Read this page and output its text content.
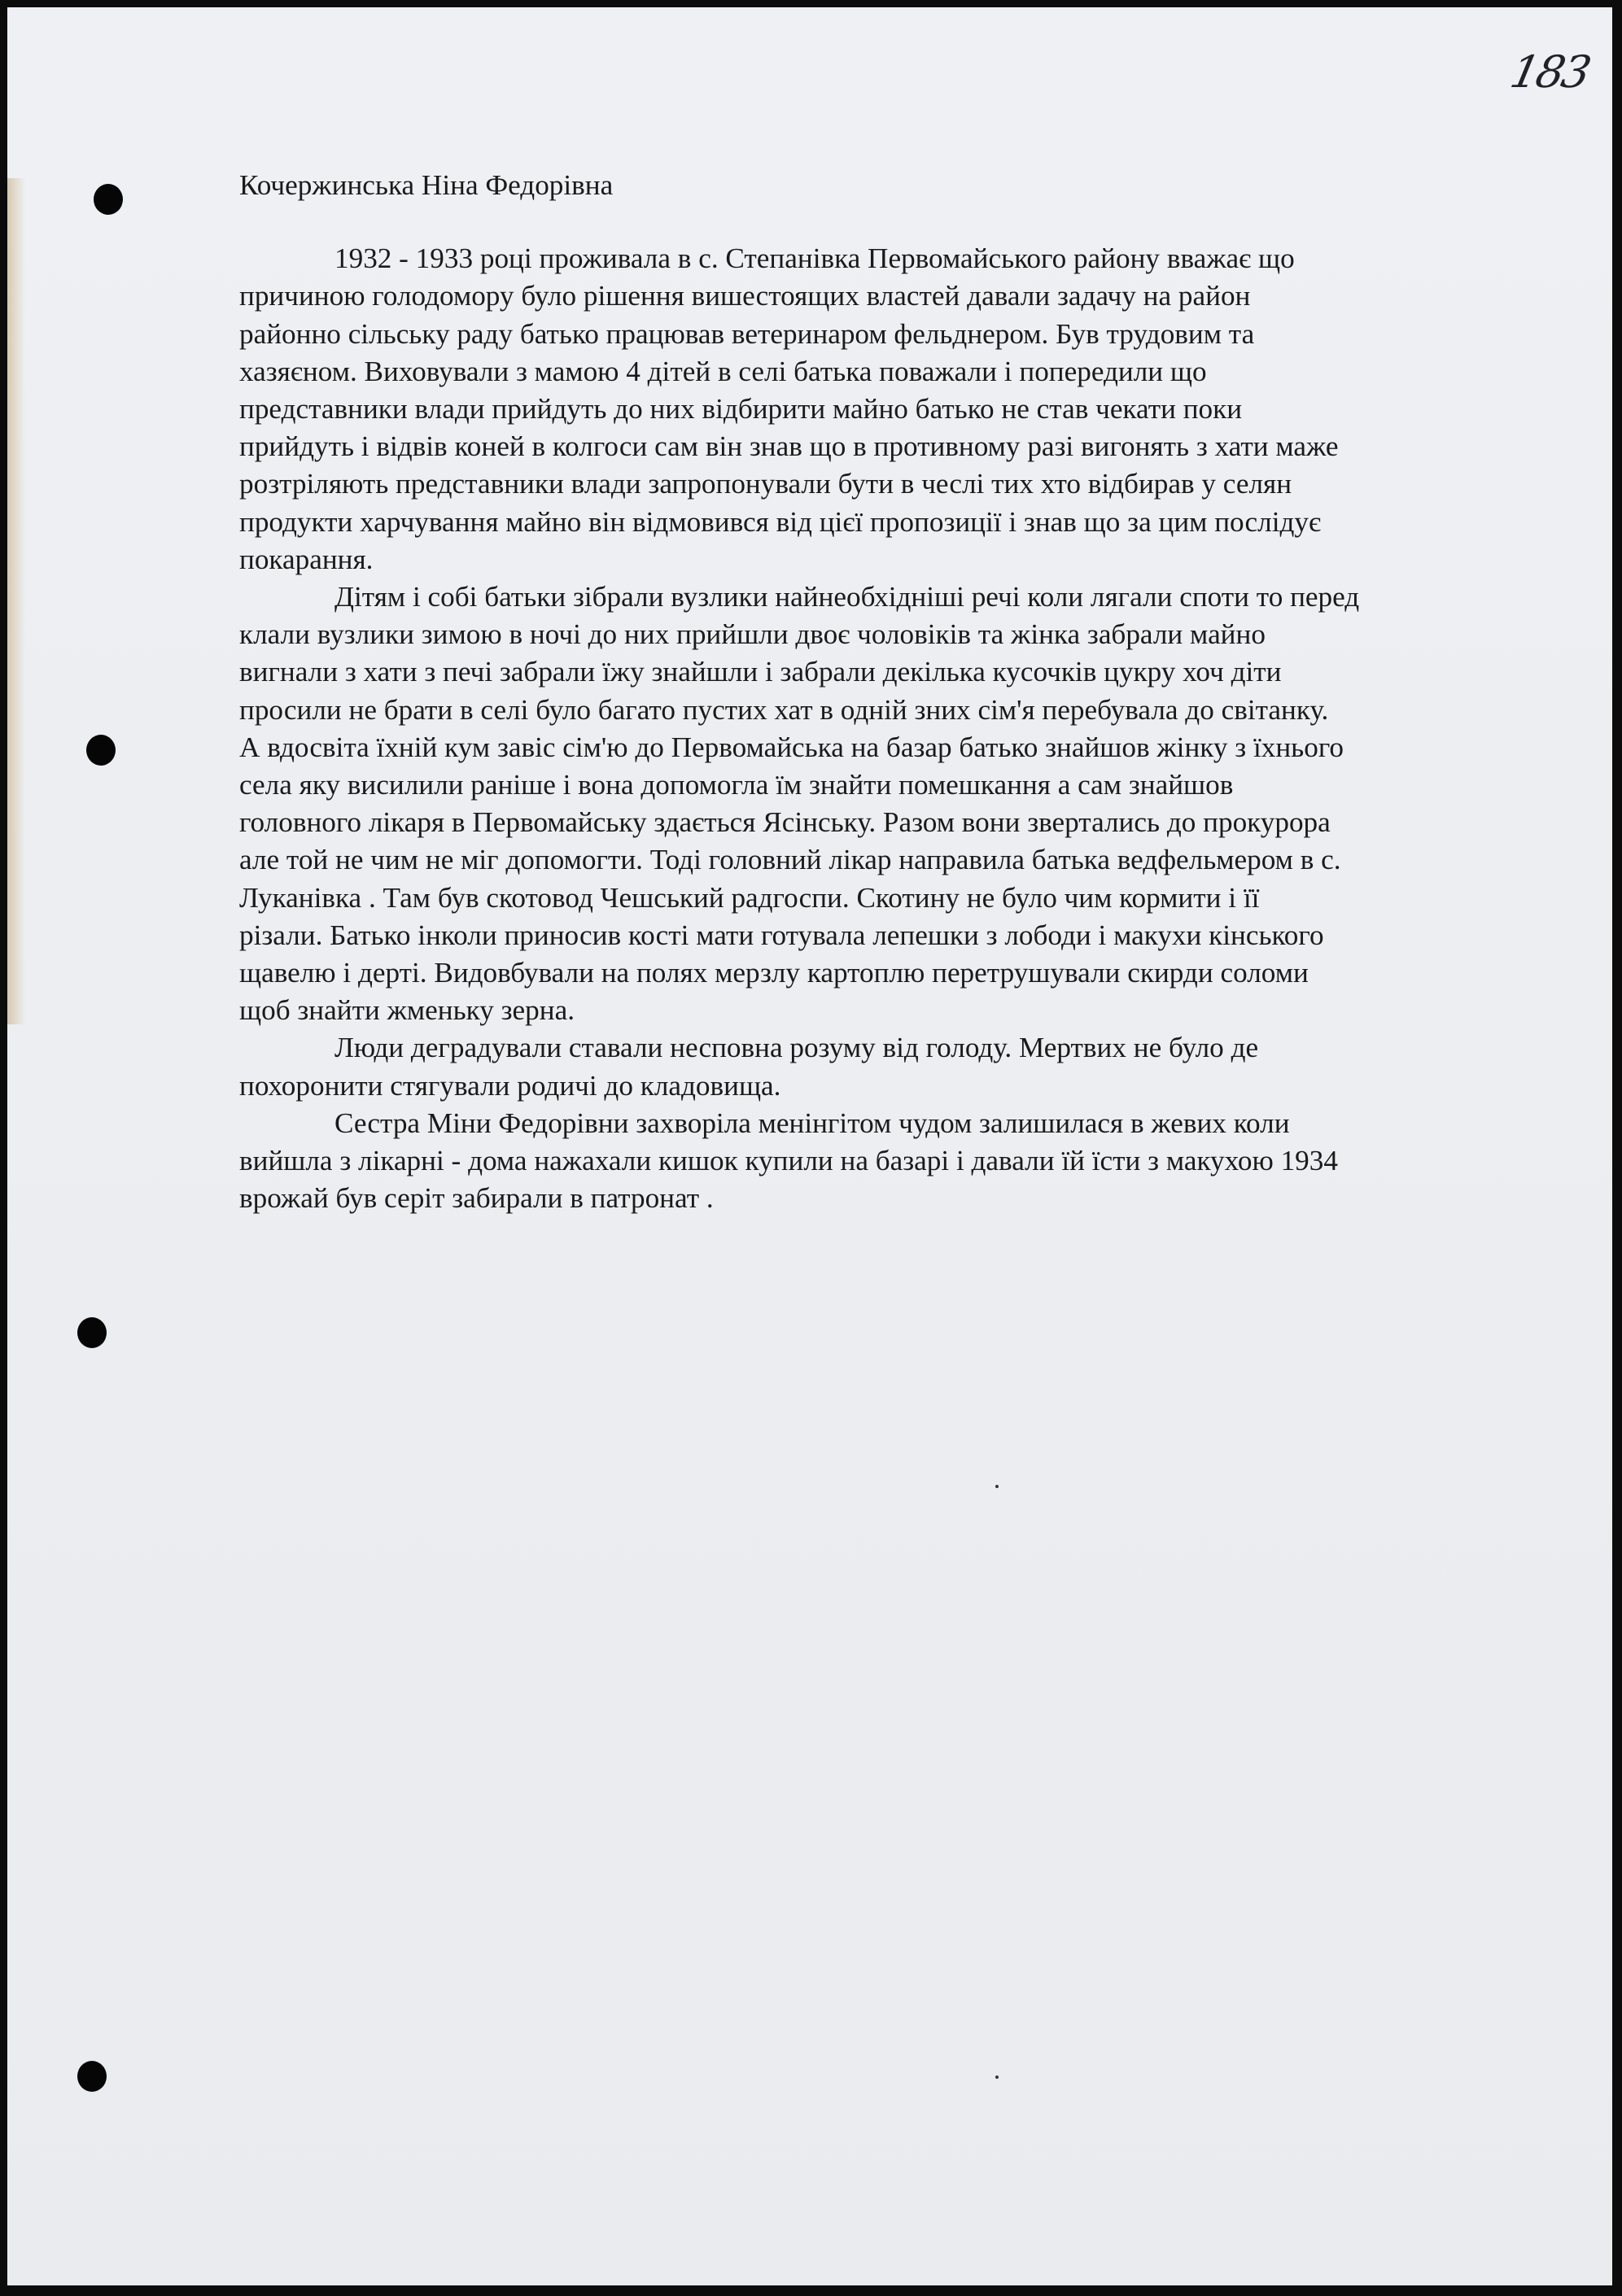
183

Кочержинська Ніна Федорівна

1932 - 1933 році проживала в с. Степанівка Первомайського району вважає що
причиною голодомору було рішення вишестоящих властей давали задачу на район
районно сільську раду батько працював ветеринаром фельднером. Був трудовим та
хазяєном. Виховували з мамою 4 дітей в селі батька поважали і попередили що
представники влади прийдуть до них відбирити майно батько не став чекати поки
прийдуть і відвів коней в колгоси сам він знав що в противному разі вигонять з хати маже
розтріляють представники влади запропонували бути в чеслі тих хто відбирав у селян
продукти харчування майно він відмовився від цієї пропозиції і знав що за цим послідує
покарання.

Дітям і собі батьки зібрали вузлики найнеобхідніші речі коли лягали споти то перед
клали вузлики зимою в ночі до них прийшли двоє чоловіків та жінка забрали майно
вигнали з хати з печі забрали їжу знайшли і забрали декілька кусочків цукру хоч діти
просили не брати в селі було багато пустих хат в одній зних сім'я перебувала до світанку.
А вдосвіта їхній кум завіс сім'ю до Первомайська на базар батько знайшов жінку з їхнього
села яку висилили раніше і вона допомогла їм знайти помешкання а сам знайшов
головного лікаря в Первомайську здається Ясінську. Разом вони звертались до прокурора
але той не чим не міг допомогти. Тоді головний лікар направила батька ведфельмером в с.
Луканівка . Там був скотовод Чешський радгоспи. Скотину не було чим кормити і її
різали. Батько інколи приносив кості мати готувала лепешки з лободи і макухи кінського
щавелю і дерті. Видовбували на полях мерзлу картоплю перетрушували скирди соломи
щоб знайти жменьку зерна.

Люди деградували ставали несповна розуму від голоду. Мертвих не було де
похоронити стягували родичі до кладовища.

Сестра Міни Федорівни захворіла менінгітом чудом залишилася в жевих коли
вийшла з лікарні - дома нажахали кишок купили на базарі і давали їй їсти з макухою 1934
врожай був серіт забирали в патронат .
